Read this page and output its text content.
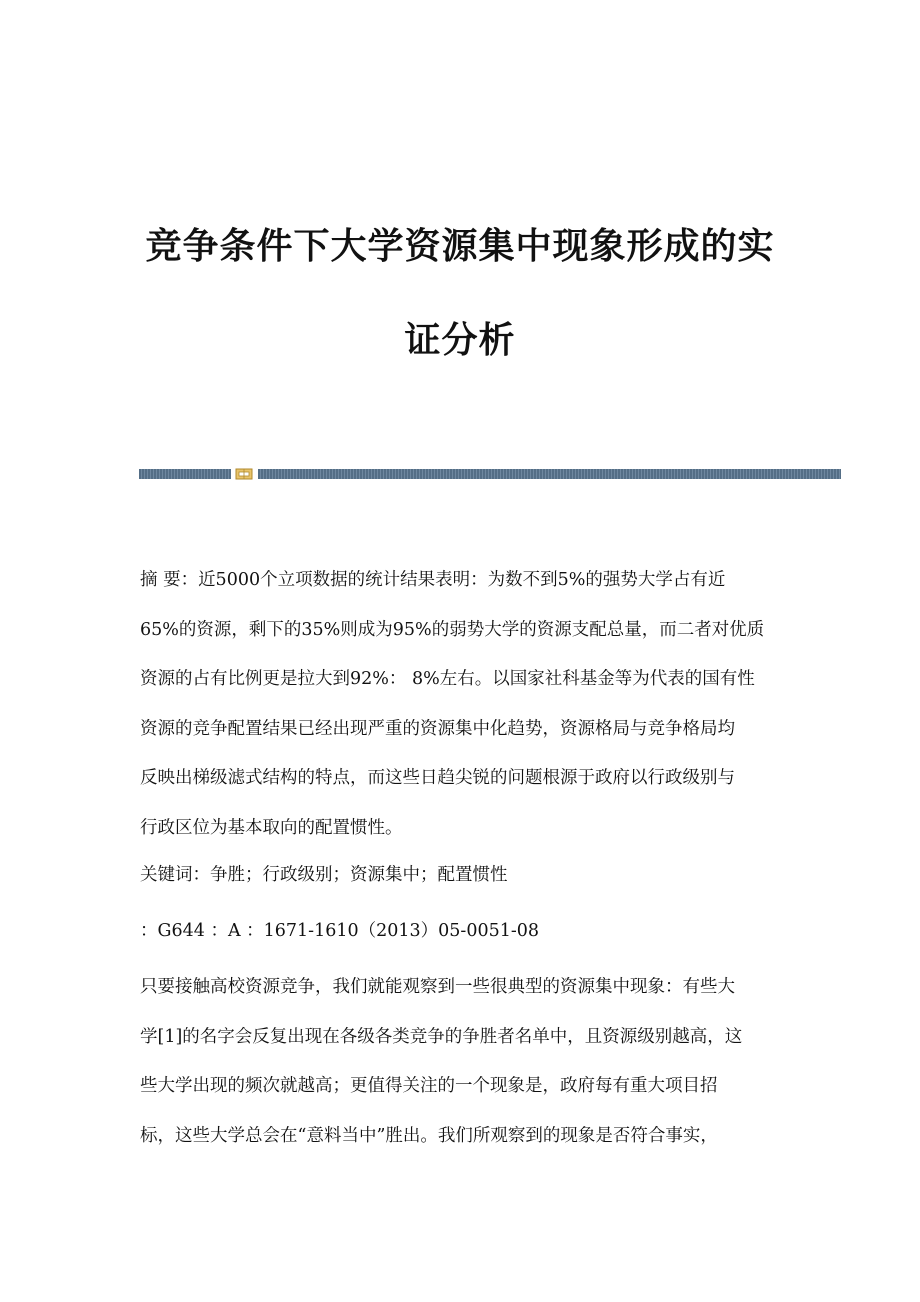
竞争条件下大学资源集中现象形成的实
证分析
摘 要：近5000个立项数据的统计结果表明：为数不到5%的强势大学占有近
65%的资源，剩下的35%则成为95%的弱势大学的资源支配总量，而二者对优质
资源的占有比例更是拉大到92%： 8%左右。以国家社科基金等为代表的国有性
资源的竞争配置结果已经出现严重的资源集中化趋势，资源格局与竞争格局均
反映出梯级滤式结构的特点，而这些日趋尖锐的问题根源于政府以行政级别与
行政区位为基本取向的配置惯性。
关键词：争胜；行政级别；资源集中；配置惯性
：G644 ：A ：1671-1610（2013）05-0051-08
只要接触高校资源竞争，我们就能观察到一些很典型的资源集中现象：有些大
学[1]的名字会反复出现在各级各类竞争的争胜者名单中，且资源级别越高，这
些大学出现的频次就越高；更值得关注的一个现象是，政府每有重大项目招
标，这些大学总会在“意料当中”胜出。我们所观察到的现象是否符合事实，
